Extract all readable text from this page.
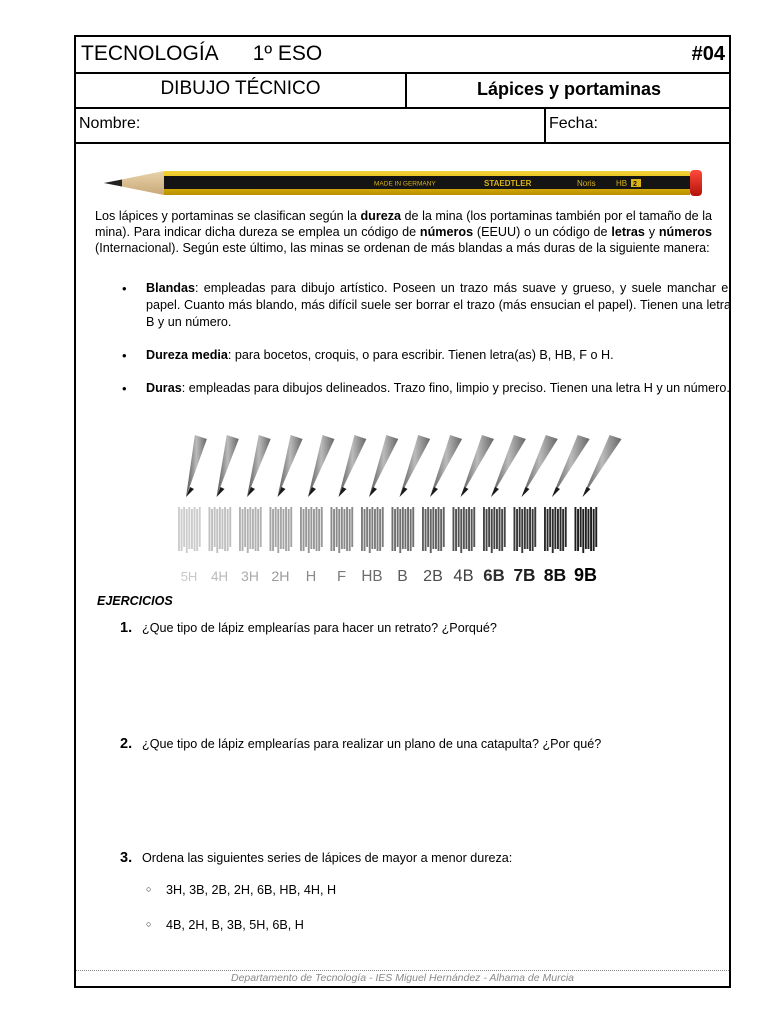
TECNOLOGÍA 1º ESO	#04
DIBUJO TÉCNICO	Lápices y portaminas
Nombre:	Fecha:
MADE IN GERMANY	STAEDTLER	Noris	HB 2

Los lápices y portaminas se clasifican según la dureza de la mina (los portaminas también por el tamaño de la mina). Para indicar dicha dureza se emplea un código de números (EEUU) o un código de letras y números (Internacional). Según este último, las minas se ordenan de más blandas a más duras de la siguiente manera:

• Blandas: empleadas para dibujo artístico. Poseen un trazo más suave y grueso, y suele manchar el papel. Cuanto más blando, más difícil suele ser borrar el trazo (más ensucian el papel). Tienen una letra B y un número.
• Dureza media: para bocetos, croquis, o para escribir. Tienen letra(as) B, HB, F o H.
• Duras: empleadas para dibujos delineados. Trazo fino, limpio y preciso. Tienen una letra H y un número.
5H 4H 3H 2H H F HB B 2B 4B 6B 7B 8B 9B
EJERCICIOS
1. ¿Que tipo de lápiz emplearías para hacer un retrato? ¿Porqué?
2. ¿Que tipo de lápiz emplearías para realizar un plano de una catapulta? ¿Por qué?
3. Ordena las siguientes series de lápices de mayor a menor dureza:
○ 3H, 3B, 2B, 2H, 6B, HB, 4H, H
○ 4B, 2H, B, 3B, 5H, 6B, H
Departamento de Tecnología - IES Miguel Hernández - Alhama de Murcia
